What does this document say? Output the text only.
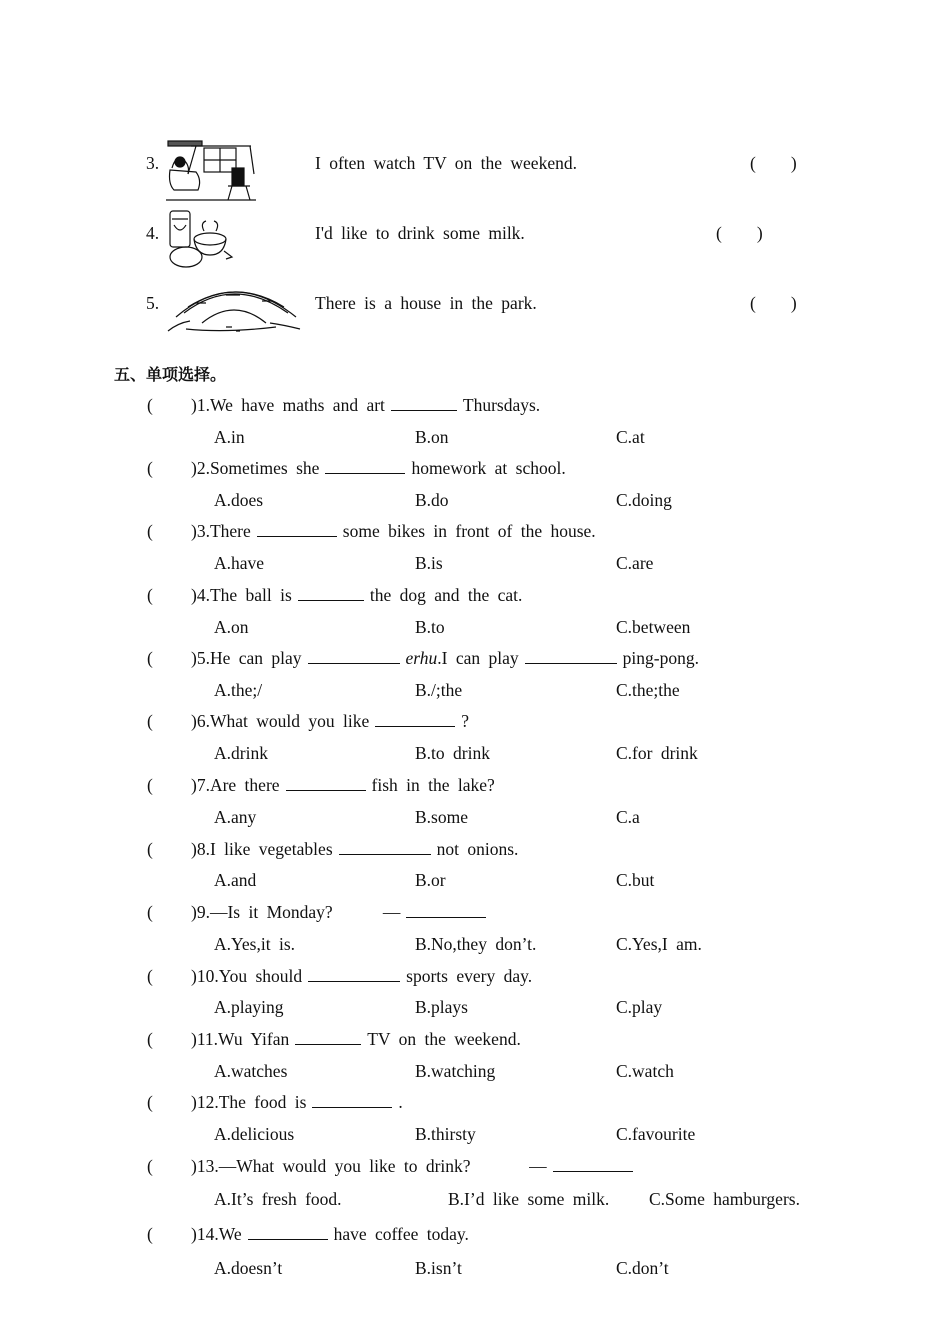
3.	I often watch TV on the weekend.	(        )
4.	I'd like to drink some milk.	(        )
5.	There is a house in the park.	(        )
五、单项选择。
( )1.We have maths and art	Thursdays.
A.in	B.on	C.at
( )2.Sometimes she	homework at school.
A.does	B.do	C.doing
( )3.There	some bikes in front of the house.
A.have	B.is	C.are
( )4.The ball is	the dog and the cat.
A.on	B.to	C.between
( )5.He can play	erhu.I can play	ping-pong.
A.the;/	B./;the	C.the;the
( )6.What would you like	?
A.drink	B.to drink	C.for drink
( )7.Are there	fish in the lake?
A.any	B.some	C.a
( )8.I like vegetables	not onions.
A.and	B.or	C.but
( )9.—Is it Monday?      —
A.Yes,it is.	B.No,they don’t.	C.Yes,I am.
( )10.You should	sports every day.
A.playing	B.plays	C.play
( )11.Wu Yifan	TV on the weekend.
A.watches	B.watching	C.watch
( )12.The food is	.
A.delicious	B.thirsty	C.favourite
( )13.—What would you like to drink?       —
A.It’s fresh food.	B.I’d like some milk. C.Some hamburgers.
( )14.We	have coffee today.
A.doesn’t	B.isn’t	C.don’t
